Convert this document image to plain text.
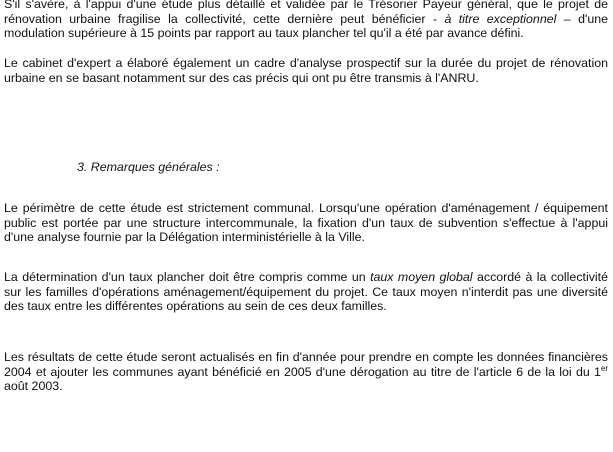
S'il s'avère, à l'appui d'une étude plus détaillé et validée par le Trésorier Payeur général, que le projet de rénovation urbaine fragilise la collectivité, cette dernière peut bénéficier - à titre exceptionnel – d'une modulation supérieure à 15 points par rapport au taux plancher tel qu'il a été par avance défini.

Le cabinet d'expert a élaboré également un cadre d'analyse prospectif sur la durée du projet de rénovation urbaine en se basant notamment sur des cas précis qui ont pu être transmis à l'ANRU.

3. Remarques générales :

Le périmètre de cette étude est strictement communal. Lorsqu'une opération d'aménagement / équipement public est portée par une structure intercommunale, la fixation d'un taux de subvention s'effectue à l'appui d'une analyse fournie par la Délégation interministérielle à la Ville.

La détermination d'un taux plancher doit être compris comme un taux moyen global accordé à la collectivité sur les familles d'opérations aménagement/équipement du projet. Ce taux moyen n'interdit pas une diversité des taux entre les différentes opérations au sein de ces deux familles.

Les résultats de cette étude seront actualisés en fin d'année pour prendre en compte les données financières 2004 et ajouter les communes ayant bénéficié en 2005 d'une dérogation au titre de l'article 6 de la loi du 1er août 2003.
